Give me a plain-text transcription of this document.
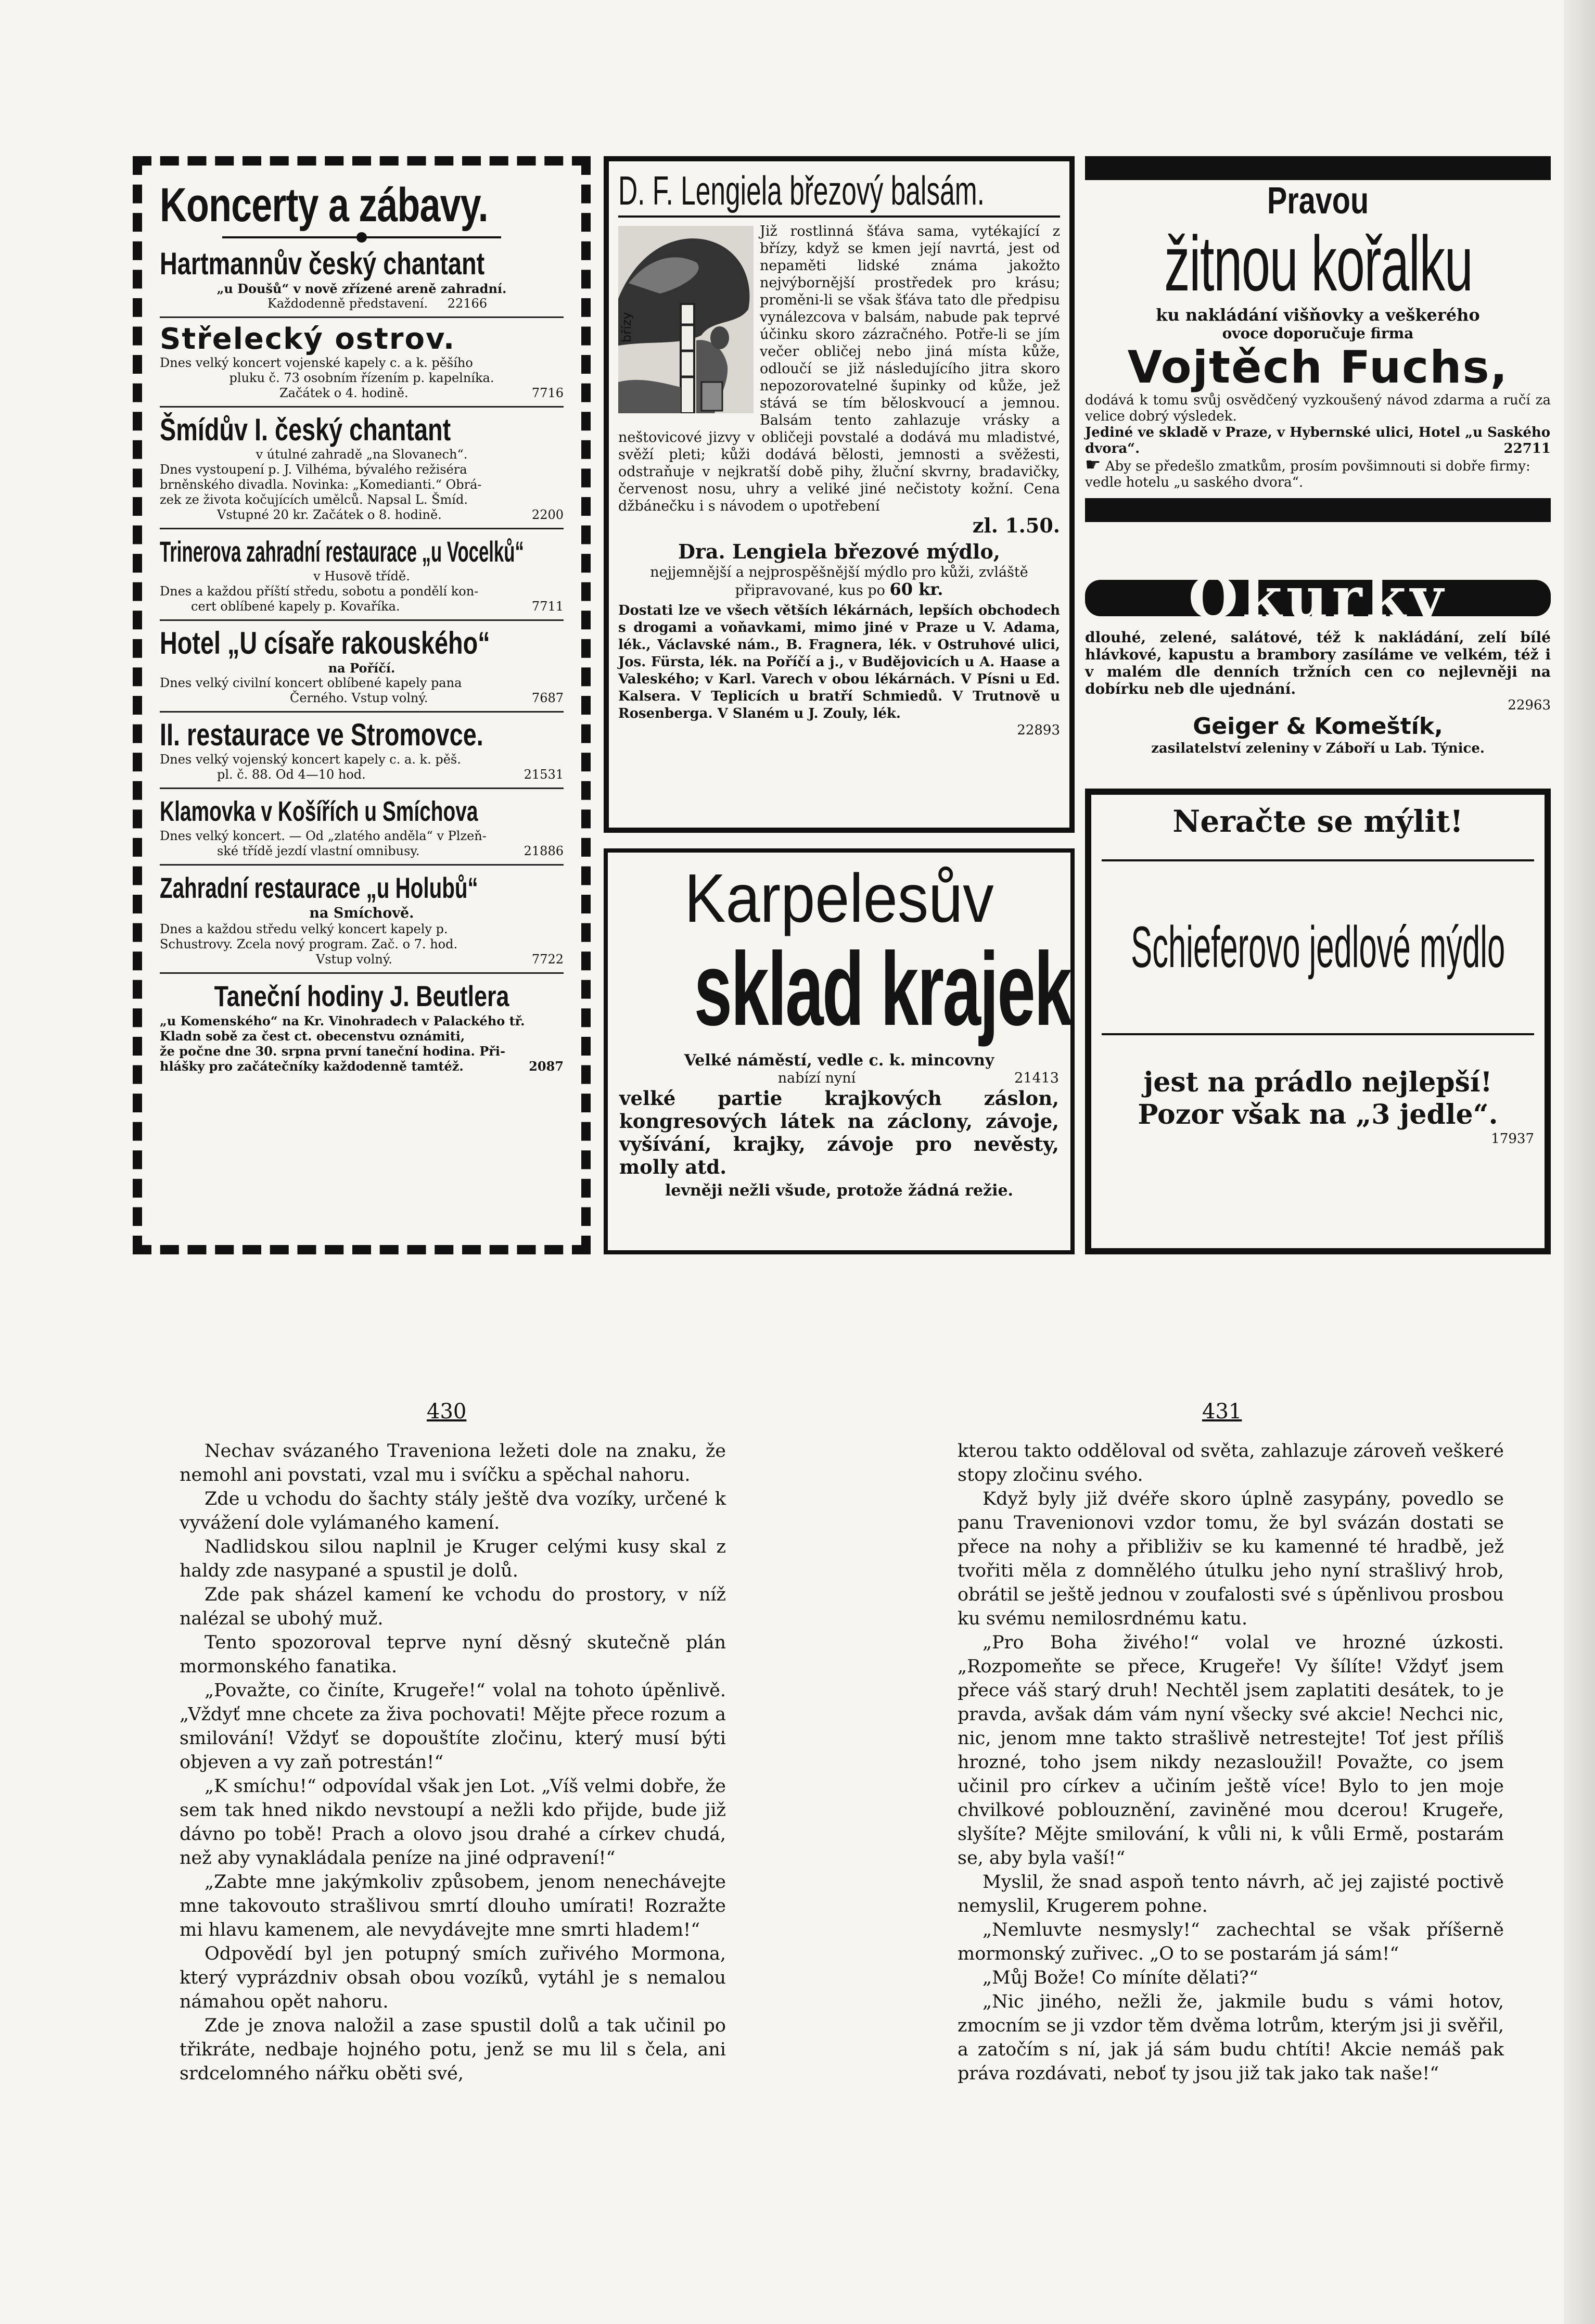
Koncerty a zábavy.
Hartmannův český chantant

„u Doušů“ v nově zřízené areně zahradní.

Každodenně představení. 22166

Střelecký ostrov.

Dnes velký koncert vojenské kapely c. a k. pěšího

pluku č. 73 osobním řízením p. kapelníka.

Začátek o 4. hodině.	7716

Šmídův I. český chantant

v útulné zahradě „na Slovanech“.

Dnes vystoupení p. J. Vilhéma, bývalého režiséra

brněnského divadla. Novinka: „Komedianti.“ Obrá-

zek ze života kočujících umělců. Napsal L. Šmíd.

Vstupné 20 kr. Začátek o 8. hodině.	2200

Trinerova zahradní restaurace „u Vocelků“

v Husově třídě.

Dnes a každou příští středu, sobotu a pondělí kon-

cert oblíbené kapely p. Kovaříka.	7711

Hotel „U císaře rakouského“

na Poříčí.

Dnes velký civilní koncert oblíbené kapely pana

Černého. Vstup volný.	7687

II. restaurace ve Stromovce.

Dnes velký vojenský koncert kapely c. a. k. pěš.

pl. č. 88. Od 4—10 hod.	21531

Klamovka v Košířích u Smíchova

Dnes velký koncert. — Od „zlatého anděla“ v Plzeň-

ské třídě jezdí vlastní omnibusy.	21886

Zahradní restaurace „u Holubů“

na Smíchově.

Dnes a každou středu velký koncert kapely p.

Schustrovy. Zcela nový program. Zač. o 7. hod.

Vstup volný.	7722

Taneční hodiny J. Beutlera

„u Komenského“ na Kr. Vinohradech v Palackého tř.

Kladn sobě za čest ct. obecenstvu oznámiti,

že počne dne 30. srpna první taneční hodina. Při-

hlášky pro začátečníky každodenně tamtéž.	2087

D. F. Lengiela březový balsám.
břízy

Již rostlinná šťáva sama, vytékající z břízy, když se kmen její navrtá, jest od nepaměti lidské známa jakožto nejvýbornější prostředek pro krásu; proměni-li se však šťáva tato dle předpisu vynálezcova v balsám, nabude pak teprvé účinku skoro zázračného. Potře-li se jím večer obličej nebo jiná místa kůže, odloučí se již následujícího jitra skoro nepozorovatelné šupinky od kůže, jež stává se tím běloskvoucí a jemnou. Balsám tento zahlazuje vrásky a neštovicové jizvy v obličeji povstalé a dodává mu mladistvé, svěží pleti; kůži dodává bělosti, jemnosti a svěžesti, odstraňuje v nejkratší době pihy, žluční skvrny, bradavičky, červenost nosu, uhry a veliké jiné nečistoty kožní. Cena džbánečku i s návodem o upotřebení

zl. 1.50.

Dra. Lengiela březové mýdlo,

nejjemnější a nejprospěšnější mýdlo pro kůži, zvláště připravované, kus po 60 kr.

Dostati lze ve všech větších lékárnách, lepších obchodech s drogami a voňavkami, mimo jiné v Praze u V. Adama, lék., Václavské nám., B. Fragnera, lék. v Ostruhové ulici, Jos. Fürsta, lék. na Poříčí a j., v Budějovicích u A. Haase a Valeského; v Karl. Varech v obou lékárnách. V Písni u Ed. Kalsera. V Teplicích u bratří Schmiedů. V Trutnově u Rosenberga. V Slaném u J. Zouly, lék.

22893

Karpelesův
sklad krajek

Velké náměstí, vedle c. k. mincovny

nabízí nyní	21413

velké partie krajkových záslon, kongresových látek na záclony, závoje, vyšívání, krajky, závoje pro nevěsty, molly atd.

levněji nežli všude, protože žádná režie.

Pravou
žitnou kořalku

ku nakládání višňovky a veškerého

ovoce doporučuje firma

Vojtěch Fuchs,

dodává k tomu svůj osvědčený vyzkoušený návod zdarma a ručí za velice dobrý výsledek.

Jediné ve skladě v Praze, v Hybernské ulici, Hotel „u Saského dvora“.	22711

☛ Aby se předešlo zmatkům, prosím povšimnouti si dobře firmy: vedle hotelu „u saského dvora“.

Okurky

dlouhé, zelené, salátové, též k nakládání, zelí bílé hlávkové, kapustu a brambory zasíláme ve velkém, též i v malém dle denních tržních cen co nejlevněji na dobírku neb dle ujednání.

22963

Geiger & Komeštík,

zasilatelství zeleniny v Záboří u Lab. Týnice.

Neračte se mýlit!
Schieferovo jedlové mýdlo
jest na prádlo nejlepší!
Pozor však na „3 jedle“.

17937

430	431

Nechav svázaného Traveniona ležeti dole na znaku, že nemohl ani povstati, vzal mu i svíčku a spěchal nahoru.

Zde u vchodu do šachty stály ještě dva vozíky, určené k vyvážení dole vylámaného kamení.

Nadlidskou silou naplnil je Kruger celými kusy skal z haldy zde nasypané a spustil je dolů.

Zde pak sházel kamení ke vchodu do prostory, v níž nalézal se ubohý muž.

Tento spozoroval teprve nyní děsný skutečně plán mormonského fanatika.

„Považte, co činíte, Krugeře!“ volal na tohoto úpěnlivě. „Vždyť mne chcete za živa pochovati! Mějte přece rozum a smilování! Vždyť se dopouštíte zločinu, který musí býti objeven a vy zaň potrestán!“

„K smíchu!“ odpovídal však jen Lot. „Víš velmi dobře, že sem tak hned nikdo nevstoupí a nežli kdo přijde, bude již dávno po tobě! Prach a olovo jsou drahé a církev chudá, než aby vynakládala peníze na jiné odpravení!“

„Zabte mne jakýmkoliv způsobem, jenom nenechávejte mne takovouto strašlivou smrtí dlouho umírati! Rozražte mi hlavu kamenem, ale nevydávejte mne smrti hladem!“

Odpovědí byl jen potupný smích zuřivého Mormona, který vyprázdniv obsah obou vozíků, vytáhl je s nemalou námahou opět nahoru.

Zde je znova naložil a zase spustil dolů a tak učinil po třikráte, nedbaje hojného potu, jenž se mu lil s čela, ani srdcelomného nářku oběti své,

kterou takto odděloval od světa, zahlazuje zároveň veškeré stopy zločinu svého.

Když byly již dvéře skoro úplně zasypány, povedlo se panu Travenionovi vzdor tomu, že byl svázán dostati se přece na nohy a přibliživ se ku kamenné té hradbě, jež tvořiti měla z domnělého útulku jeho nyní strašlivý hrob, obrátil se ještě jednou v zoufalosti své s úpěnlivou prosbou ku svému nemilosrdnému katu.

„Pro Boha živého!“ volal ve hrozné úzkosti. „Rozpomeňte se přece, Krugeře! Vy šílíte! Vždyť jsem přece váš starý druh! Nechtěl jsem zaplatiti desátek, to je pravda, avšak dám vám nyní všecky své akcie! Nechci nic, nic, jenom mne takto strašlivě netrestejte! Toť jest příliš hrozné, toho jsem nikdy nezasloužil! Považte, co jsem učinil pro církev a učiním ještě více! Bylo to jen moje chvilkové poblouznění, zaviněné mou dcerou! Krugeře, slyšíte? Mějte smilování, k vůli ni, k vůli Ermě, postarám se, aby byla vaší!“

Myslil, že snad aspoň tento návrh, ač jej zajisté poctivě nemyslil, Krugerem pohne.

„Nemluvte nesmysly!“ zachechtal se však příšerně mormonský zuřivec. „O to se postarám já sám!“

„Můj Bože! Co míníte dělati?“

„Nic jiného, nežli že, jakmile budu s vámi hotov, zmocním se ji vzdor těm dvěma lotrům, kterým jsi ji svěřil, a zatočím s ní, jak já sám budu chtíti! Akcie nemáš pak práva rozdávati, neboť ty jsou již tak jako tak naše!“
